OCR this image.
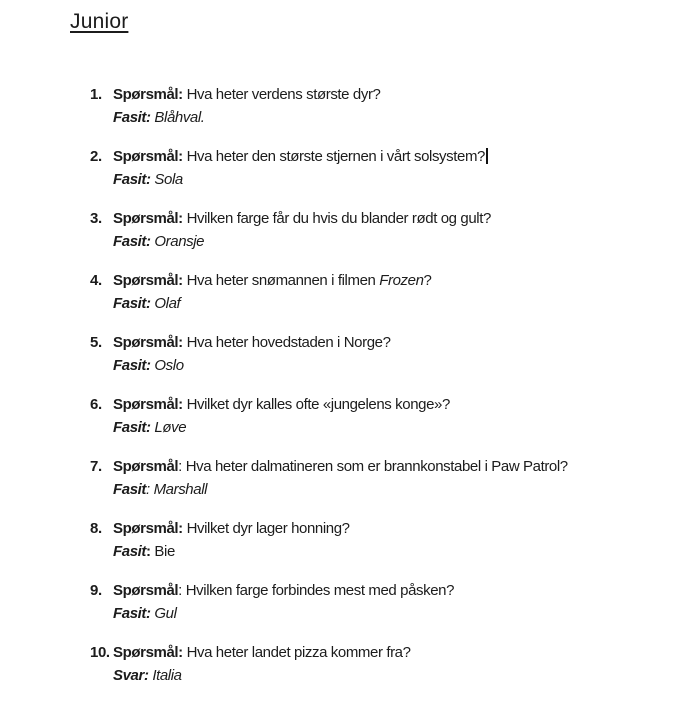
Junior
1. Spørsmål: Hva heter verdens største dyr?
Fasit: Blåhval.
2. Spørsmål: Hva heter den største stjernen i vårt solsystem?
Fasit: Sola
3. Spørsmål: Hvilken farge får du hvis du blander rødt og gult?
Fasit: Oransje
4. Spørsmål: Hva heter snømannen i filmen Frozen?
Fasit: Olaf
5. Spørsmål: Hva heter hovedstaden i Norge?
Fasit: Oslo
6. Spørsmål: Hvilket dyr kalles ofte «jungelens konge»?
Fasit: Løve
7. Spørsmål: Hva heter dalmatineren som er brannkonstabel i Paw Patrol?
Fasit: Marshall
8. Spørsmål: Hvilket dyr lager honning?
Fasit: Bie
9. Spørsmål: Hvilken farge forbindes mest med påsken?
Fasit: Gul
10. Spørsmål: Hva heter landet pizza kommer fra?
Svar: Italia
